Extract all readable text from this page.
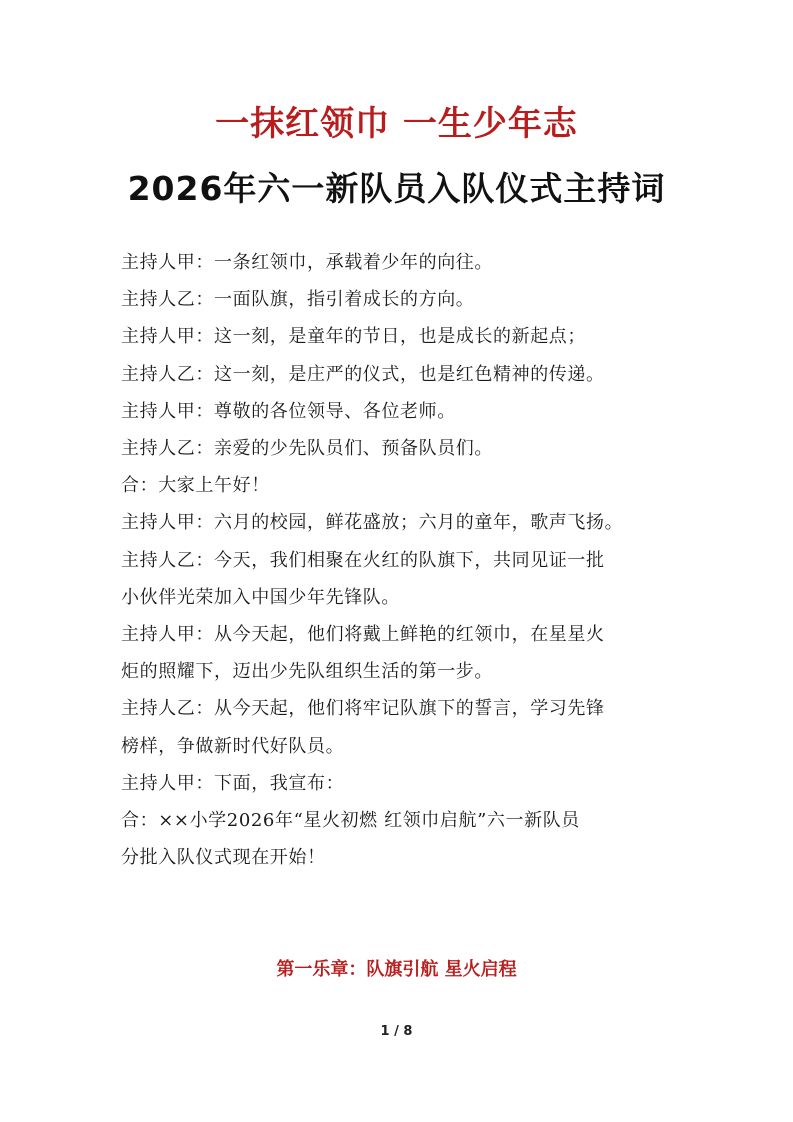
一抹红领巾 一生少年志
2026年六一新队员入队仪式主持词
主持人甲：一条红领巾，承载着少年的向往。
主持人乙：一面队旗，指引着成长的方向。
主持人甲：这一刻，是童年的节日，也是成长的新起点；
主持人乙：这一刻，是庄严的仪式，也是红色精神的传递。
主持人甲：尊敬的各位领导、各位老师。
主持人乙：亲爱的少先队员们、预备队员们。
合：大家上午好！
主持人甲：六月的校园，鲜花盛放；六月的童年，歌声飞扬。
主持人乙：今天，我们相聚在火红的队旗下，共同见证一批
小伙伴光荣加入中国少年先锋队。
主持人甲：从今天起，他们将戴上鲜艳的红领巾，在星星火
炬的照耀下，迈出少先队组织生活的第一步。
主持人乙：从今天起，他们将牢记队旗下的誓言，学习先锋
榜样，争做新时代好队员。
主持人甲：下面，我宣布：
合：××小学2026年“星火初燃 红领巾启航”六一新队员
分批入队仪式现在开始！
第一乐章：队旗引航 星火启程
1 / 8
